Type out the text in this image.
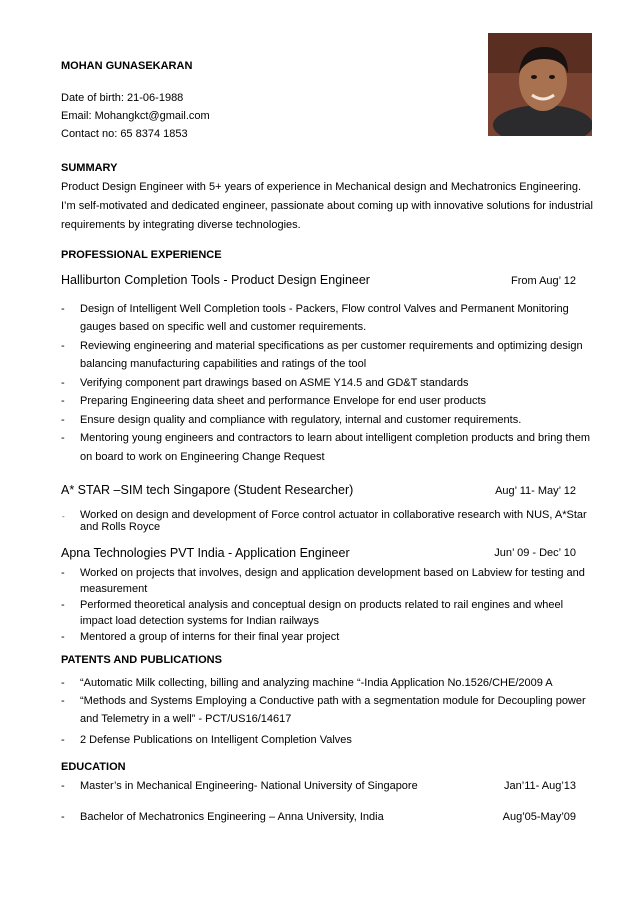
MOHAN GUNASEKARAN
Date of birth: 21-06-1988
Email: Mohangkct@gmail.com
Contact no: 65 8374 1853
SUMMARY
Product Design Engineer with 5+ years of experience in Mechanical design and Mechatronics Engineering.
I’m self-motivated and dedicated engineer, passionate about coming up with innovative solutions for industrial
requirements by integrating diverse technologies.
PROFESSIONAL EXPERIENCE
Halliburton Completion Tools - Product Design Engineer	From Aug’ 12
- Design of Intelligent Well Completion tools - Packers, Flow control Valves and Permanent Monitoring
gauges based on specific well and customer requirements.
- Reviewing engineering and material specifications as per customer requirements and optimizing design
balancing manufacturing capabilities and ratings of the tool
- Verifying component part drawings based on ASME Y14.5 and GD&T standards
- Preparing Engineering data sheet and performance Envelope for end user products
- Ensure design quality and compliance with regulatory, internal and customer requirements.
- Mentoring young engineers and contractors to learn about intelligent completion products and bring them
on board to work on Engineering Change Request
A* STAR –SIM tech Singapore (Student Researcher)	Aug’ 11- May’ 12
- Worked on design and development of Force control actuator in collaborative research with NUS, A*Star
and Rolls Royce
Apna Technologies PVT India - Application Engineer	Jun’ 09 - Dec’ 10
- Worked on projects that involves, design and application development based on Labview for testing and
measurement
- Performed theoretical analysis and conceptual design on products related to rail engines and wheel
impact load detection systems for Indian railways
- Mentored a group of interns for their final year project
PATENTS AND PUBLICATIONS
- “Automatic Milk collecting, billing and analyzing machine “-India Application No.1526/CHE/2009 A
- “Methods and Systems Employing a Conductive path with a segmentation module for Decoupling power
and Telemetry in a well” - PCT/US16/14617
- 2 Defense Publications on Intelligent Completion Valves
EDUCATION
- Master’s in Mechanical Engineering- National University of Singapore	Jan’11- Aug’13
- Bachelor of Mechatronics Engineering – Anna University, India	Aug’05-May’09
